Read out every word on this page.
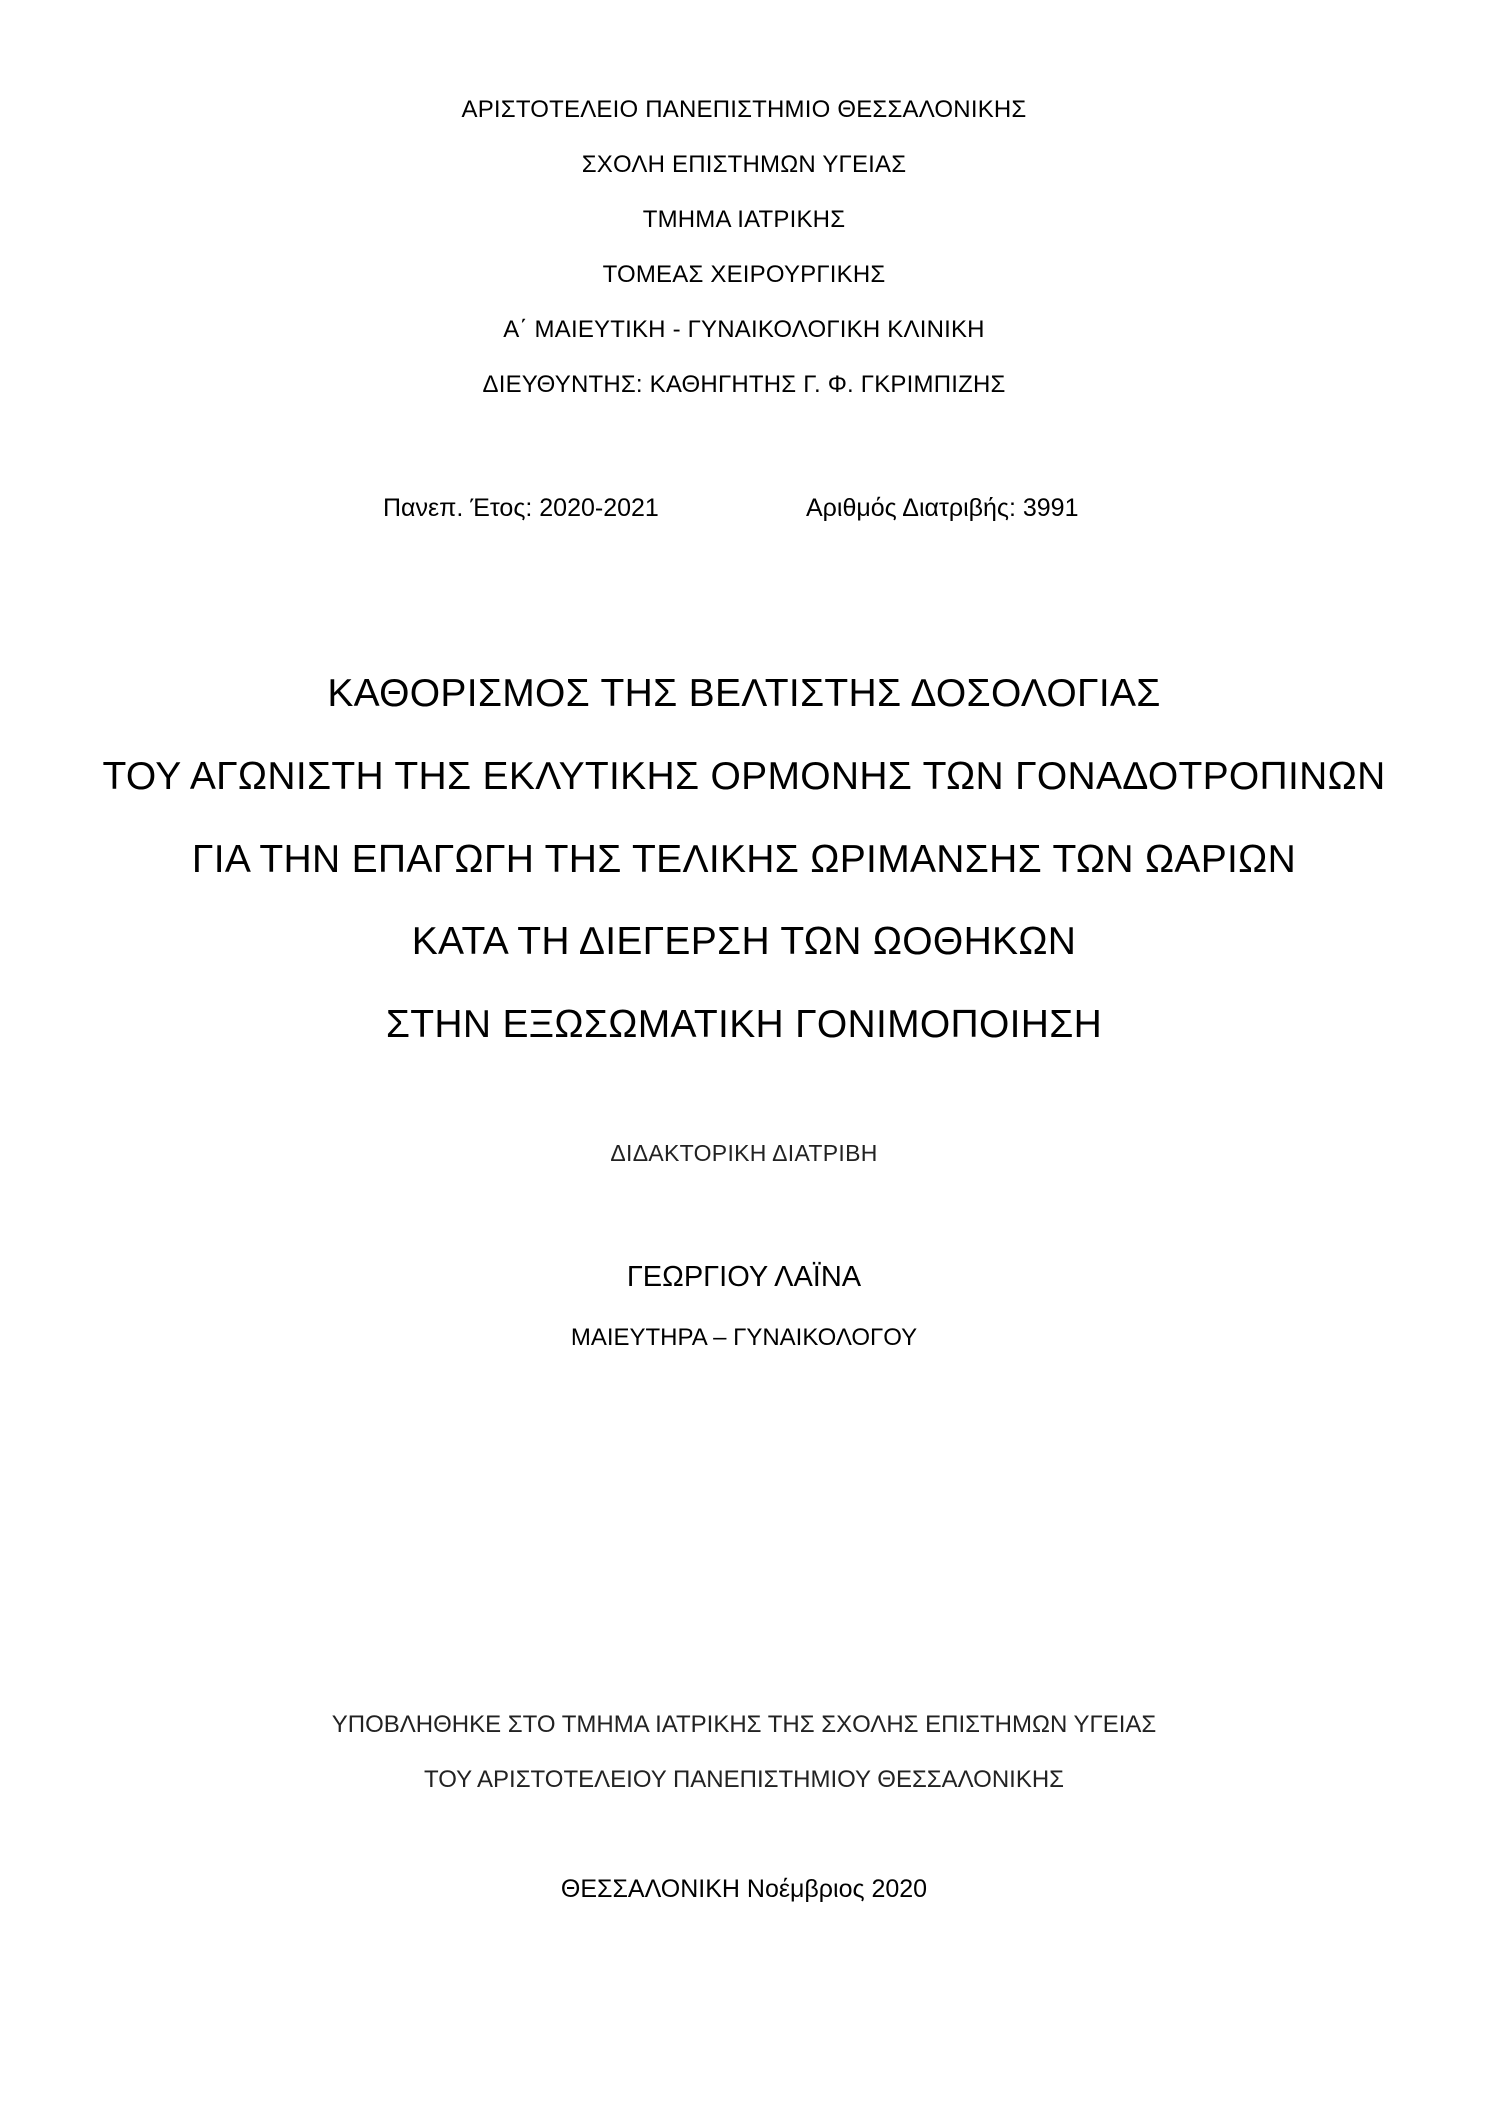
ΑΡΙΣΤΟΤΕΛΕΙΟ ΠΑΝΕΠΙΣΤΗΜΙΟ ΘΕΣΣΑΛΟΝΙΚΗΣ
ΣΧΟΛΗ ΕΠΙΣΤΗΜΩΝ ΥΓΕΙΑΣ
ΤΜΗΜΑ ΙΑΤΡΙΚΗΣ
ΤΟΜΕΑΣ ΧΕΙΡΟΥΡΓΙΚΗΣ
Α΄ ΜΑΙΕΥΤΙΚΗ - ΓΥΝΑΙΚΟΛΟΓΙΚΗ ΚΛΙΝΙΚΗ
ΔΙΕΥΘΥΝΤΗΣ: ΚΑΘΗΓΗΤΗΣ Γ. Φ. ΓΚΡΙΜΠΙΖΗΣ
Πανεπ. Έτος: 2020-2021	Αριθμός Διατριβής: 3991
ΚΑΘΟΡΙΣΜΟΣ ΤΗΣ ΒΕΛΤΙΣΤΗΣ ΔΟΣΟΛΟΓΙΑΣ
ΤΟΥ ΑΓΩΝΙΣΤΗ ΤΗΣ ΕΚΛΥΤΙΚΗΣ ΟΡΜΟΝΗΣ ΤΩΝ ΓΟΝΑΔΟΤΡΟΠΙΝΩΝ
ΓΙΑ ΤΗΝ ΕΠΑΓΩΓΗ ΤΗΣ ΤΕΛΙΚΗΣ ΩΡΙΜΑΝΣΗΣ ΤΩΝ ΩΑΡΙΩΝ
ΚΑΤΑ ΤΗ ΔΙΕΓΕΡΣΗ ΤΩΝ ΩΟΘΗΚΩΝ
ΣΤΗΝ ΕΞΩΣΩΜΑΤΙΚΗ ΓΟΝΙΜΟΠΟΙΗΣΗ
ΔΙΔΑΚΤΟΡΙΚΗ ΔΙΑΤΡΙΒΗ
ΓΕΩΡΓΙΟΥ ΛΑΪΝΑ
ΜΑΙΕΥΤΗΡΑ – ΓΥΝΑΙΚΟΛΟΓΟΥ
ΥΠΟΒΛΗΘΗΚΕ ΣΤΟ ΤΜΗΜΑ ΙΑΤΡΙΚΗΣ ΤΗΣ ΣΧΟΛΗΣ ΕΠΙΣΤΗΜΩΝ ΥΓΕΙΑΣ
ΤΟΥ ΑΡΙΣΤΟΤΕΛΕΙΟΥ ΠΑΝΕΠΙΣΤΗΜΙΟΥ ΘΕΣΣΑΛΟΝΙΚΗΣ
ΘΕΣΣΑΛΟΝΙΚΗ Νοέμβριος 2020
